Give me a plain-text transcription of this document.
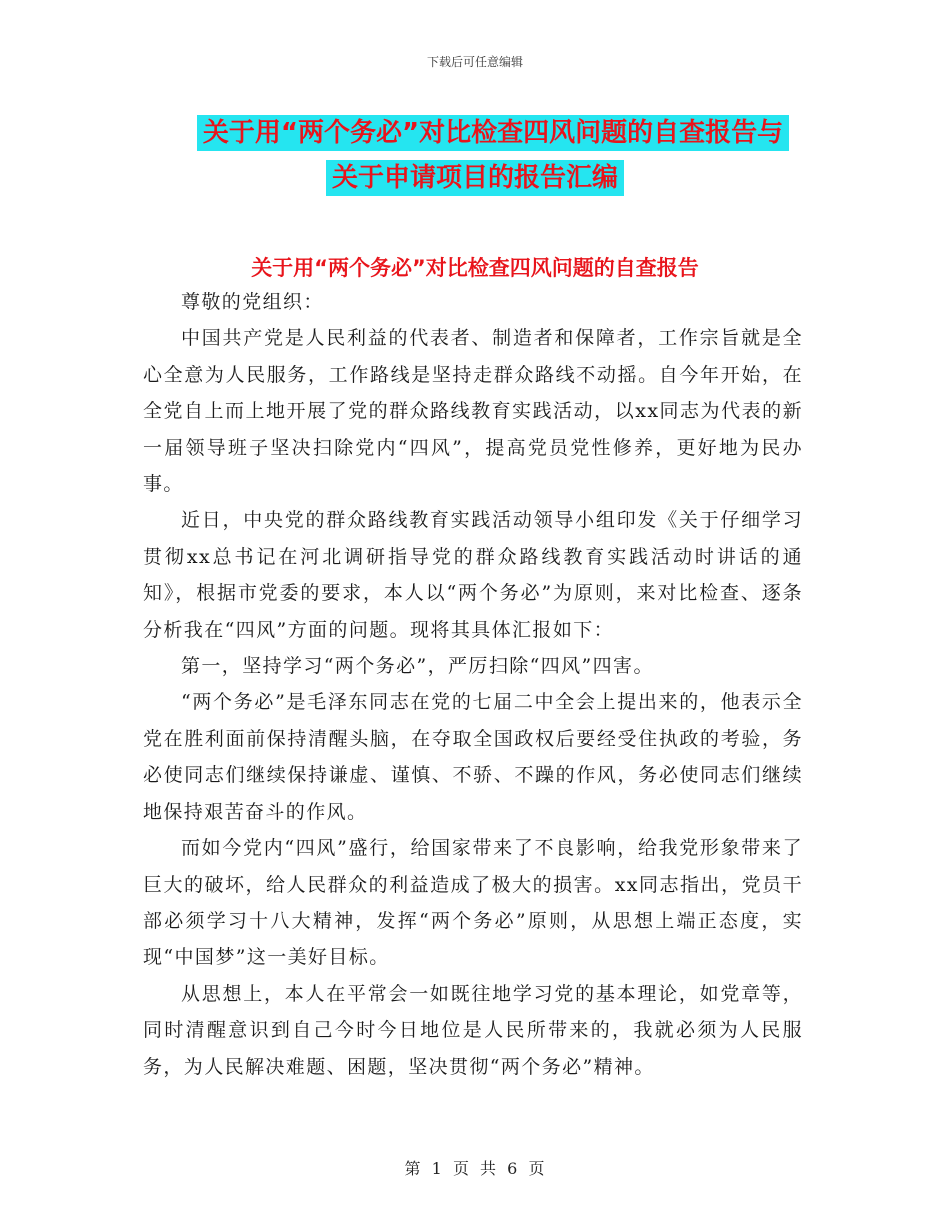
下载后可任意编辑
关于用“两个务必”对比检查四风问题的自查报告与
关于申请项目的报告汇编
关于用“两个务必”对比检查四风问题的自查报告

尊敬的党组织：

中国共产党是人民利益的代表者、制造者和保障者，工作宗旨就是全心全意为人民服务，工作路线是坚持走群众路线不动摇。自今年开始，在全党自上而上地开展了党的群众路线教育实践活动，以xx同志为代表的新一届领导班子坚决扫除党内“四风”，提高党员党性修养，更好地为民办事。

近日，中央党的群众路线教育实践活动领导小组印发《关于仔细学习贯彻xx总书记在河北调研指导党的群众路线教育实践活动时讲话的通知》，根据市党委的要求，本人以“两个务必”为原则，来对比检查、逐条分析我在“四风”方面的问题。现将其具体汇报如下：

第一，坚持学习“两个务必”，严厉扫除“四风”四害。

“两个务必”是毛泽东同志在党的七届二中全会上提出来的，他表示全党在胜利面前保持清醒头脑，在夺取全国政权后要经受住执政的考验，务必使同志们继续保持谦虚、谨慎、不骄、不躁的作风，务必使同志们继续地保持艰苦奋斗的作风。

而如今党内“四风”盛行，给国家带来了不良影响，给我党形象带来了巨大的破坏，给人民群众的利益造成了极大的损害。xx同志指出，党员干部必须学习十八大精神，发挥“两个务必”原则，从思想上端正态度，实现“中国梦”这一美好目标。

从思想上，本人在平常会一如既往地学习党的基本理论，如党章等，同时清醒意识到自己今时今日地位是人民所带来的，我就必须为人民服务，为人民解决难题、困题，坚决贯彻“两个务必”精神。

第 1 页 共 6 页
